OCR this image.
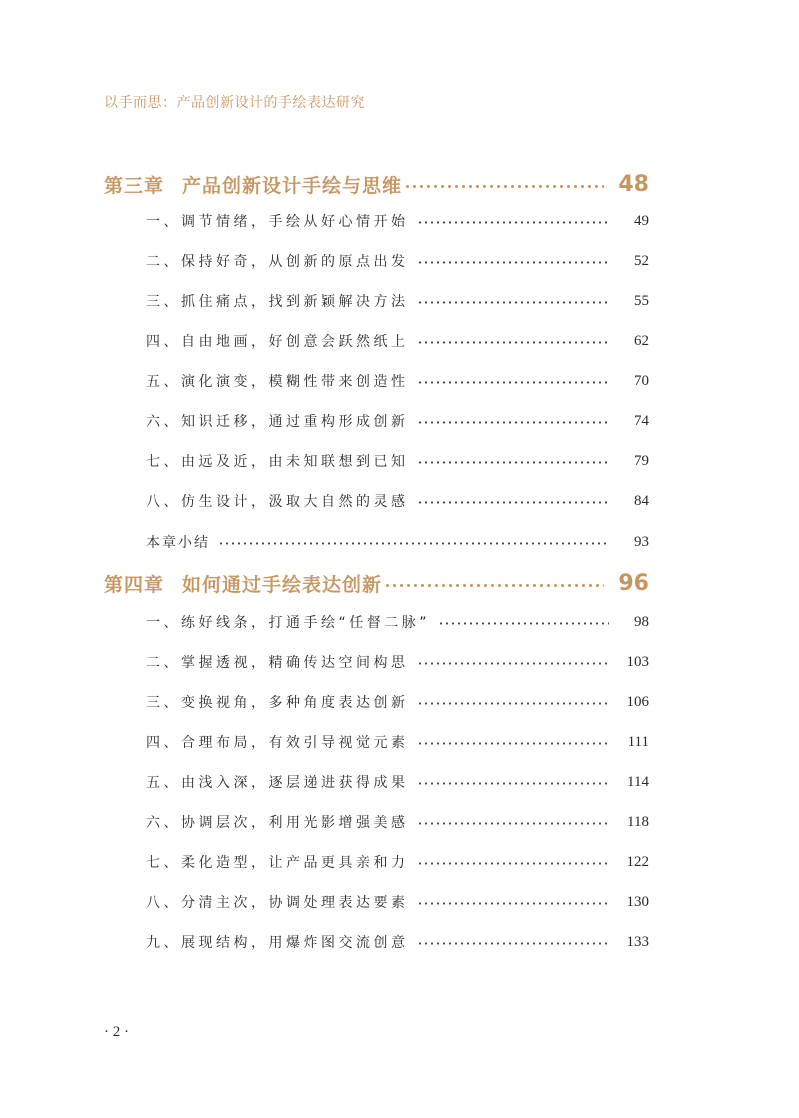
以手而思：产品创新设计的手绘表达研究
第三章 产品创新设计手绘与思维	48
一、调节情绪，手绘从好心情开始	49
二、保持好奇，从创新的原点出发	52
三、抓住痛点，找到新颖解决方法	55
四、自由地画，好创意会跃然纸上	62
五、演化演变，模糊性带来创造性	70
六、知识迁移，通过重构形成创新	74
七、由远及近，由未知联想到已知	79
八、仿生设计，汲取大自然的灵感	84
本章小结	93
第四章 如何通过手绘表达创新	96
一、练好线条，打通手绘“任督二脉”	98
二、掌握透视，精确传达空间构思	103
三、变换视角，多种角度表达创新	106
四、合理布局，有效引导视觉元素	111
五、由浅入深，逐层递进获得成果	114
六、协调层次，利用光影增强美感	118
七、柔化造型，让产品更具亲和力	122
八、分清主次，协调处理表达要素	130
九、展现结构，用爆炸图交流创意	133
· 2 ·
